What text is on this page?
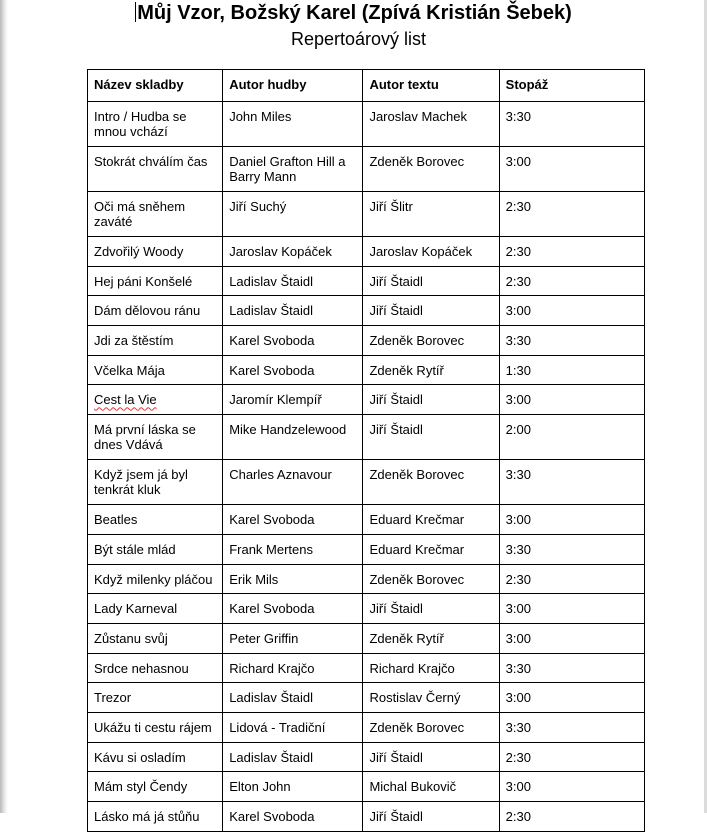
Můj Vzor, Božský Karel (Zpívá Kristián Šebek)
Repertoárový list
Název skladby	Autor hudby	Autor textu	Stopáž
Intro / Hudba se mnou vchází	John Miles	Jaroslav Machek	3:30
Stokrát chválím čas	Daniel Grafton Hill a Barry Mann	Zdeněk Borovec	3:00
Oči má sněhem zaváté	Jiří Suchý	Jiří Šlitr	2:30
Zdvořilý Woody	Jaroslav Kopáček	Jaroslav Kopáček	2:30
Hej páni Konšelé	Ladislav Štaidl	Jiří Štaidl	2:30
Dám dělovou ránu	Ladislav Štaidl	Jiří Štaidl	3:00
Jdi za štěstím	Karel Svoboda	Zdeněk Borovec	3:30
Včelka Mája	Karel Svoboda	Zdeněk Rytíř	1:30
Cest la Vie	Jaromír Klempíř	Jiří Štaidl	3:00
Má první láska se dnes Vdává	Mike Handzelewood	Jiří Štaidl	2:00
Když jsem já byl tenkrát kluk	Charles Aznavour	Zdeněk Borovec	3:30
Beatles	Karel Svoboda	Eduard Krečmar	3:00
Být stále mlád	Frank Mertens	Eduard Krečmar	3:30
Když milenky pláčou	Erik Mils	Zdeněk Borovec	2:30
Lady Karneval	Karel Svoboda	Jiří Štaidl	3:00
Zůstanu svůj	Peter Griffin	Zdeněk Rytíř	3:00
Srdce nehasnou	Richard Krajčo	Richard Krajčo	3:30
Trezor	Ladislav Štaidl	Rostislav Černý	3:00
Ukážu ti cestu rájem	Lidová - Tradiční	Zdeněk Borovec	3:30
Kávu si osladím	Ladislav Štaidl	Jiří Štaidl	2:30
Mám styl Čendy	Elton John	Michal Bukovič	3:00
Lásko má já stůňu	Karel Svoboda	Jiří Štaidl	2:30
